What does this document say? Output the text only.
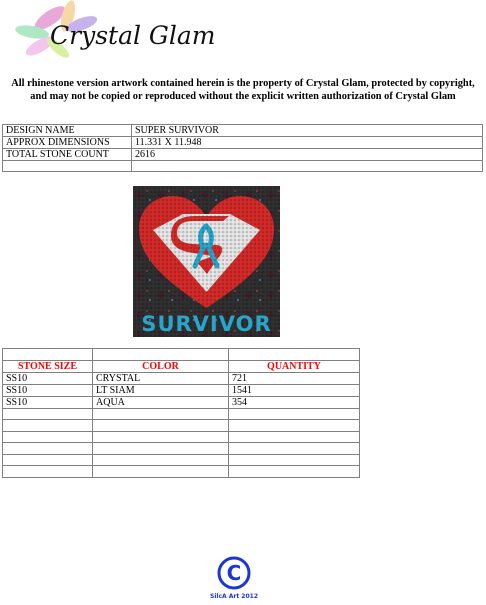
Crystal Glam
All rhinestone version artwork contained herein is the property of Crystal Glam, protected by copyright, and may not be copied or reproduced without the explicit written authorization of Crystal Glam
DESIGN NAME	SUPER SURVIVOR
APPROX DIMENSIONS	11.331 X 11.948
TOTAL STONE COUNT	2616

SURVIVOR

STONE SIZE	COLOR	QUANTITY
SS10	CRYSTAL	721
SS10	LT SIAM	1541
SS10	AQUA	354

C
SilcA Art 2012
